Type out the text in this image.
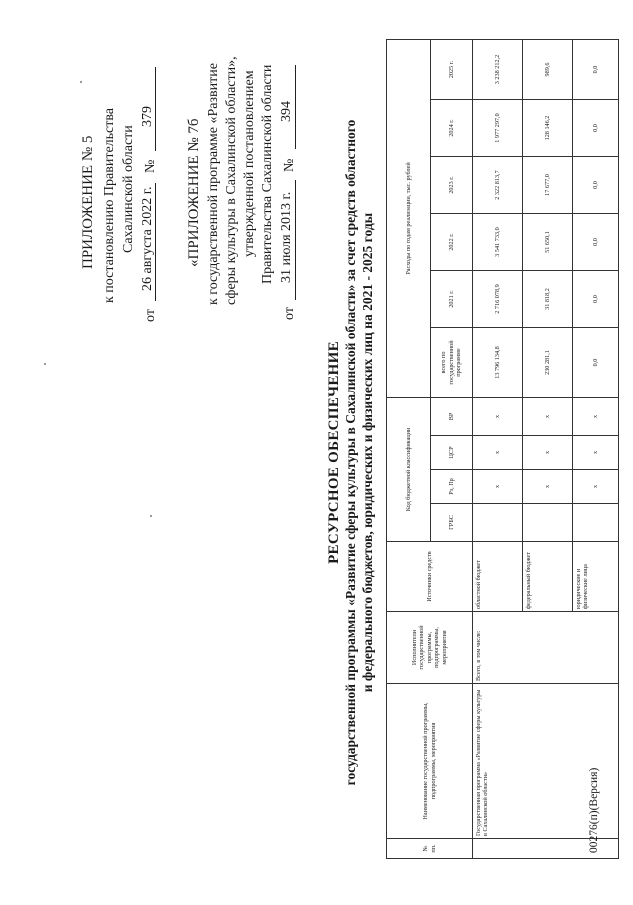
ПРИЛОЖЕНИЕ № 5 к постановлению Правительства Сахалинской области
от
26 августа 2022 г.
№
379
«ПРИЛОЖЕНИЕ № 7б к государственной программе «Развитие сферы культуры в Сахалинской области», утвержденной постановлением Правительства Сахалинской области
от
31 июля 2013 г.
№
394
РЕСУРСНОЕ ОБЕСПЕЧЕНИЕ государственной программы «Развитие сферы культуры в Сахалинской области» за счет средств областного и федерального бюджетов, юридических и физических лиц на 2021 - 2025 годы
№ пп.	Наименование государственной программы, подпрограммы, мероприятия	Исполнители государственной программы, подпрограммы, мероприятия	Источники средств	Код бюджетной классификации				Расходы по годам реализации, тыс. рублей					
				ГРБС	Рз, Пр	ЦСР	ВР	всего по государственной программе	2021 г.	2022 г.	2023 г.	2024 г.	2025 г.
	Государственная программа «Развитие сферы культуры в Сахалинской области»	Всего, в том числе:	областной бюджет		x	x	x	13 796 134,8	2 716 078,9	3 541 733,0	2 322 813,7	1 977 297,0	3 238 212,2
			федеральный бюджет		x	x	x	230 281,1	31 818,2	51 650,1	17 677,0	128 146,2	989,6
			юридические и физические лица		x	x	x	0,0	0,0	0,0	0,0	0,0	0,0
00276(п)(Версия)
